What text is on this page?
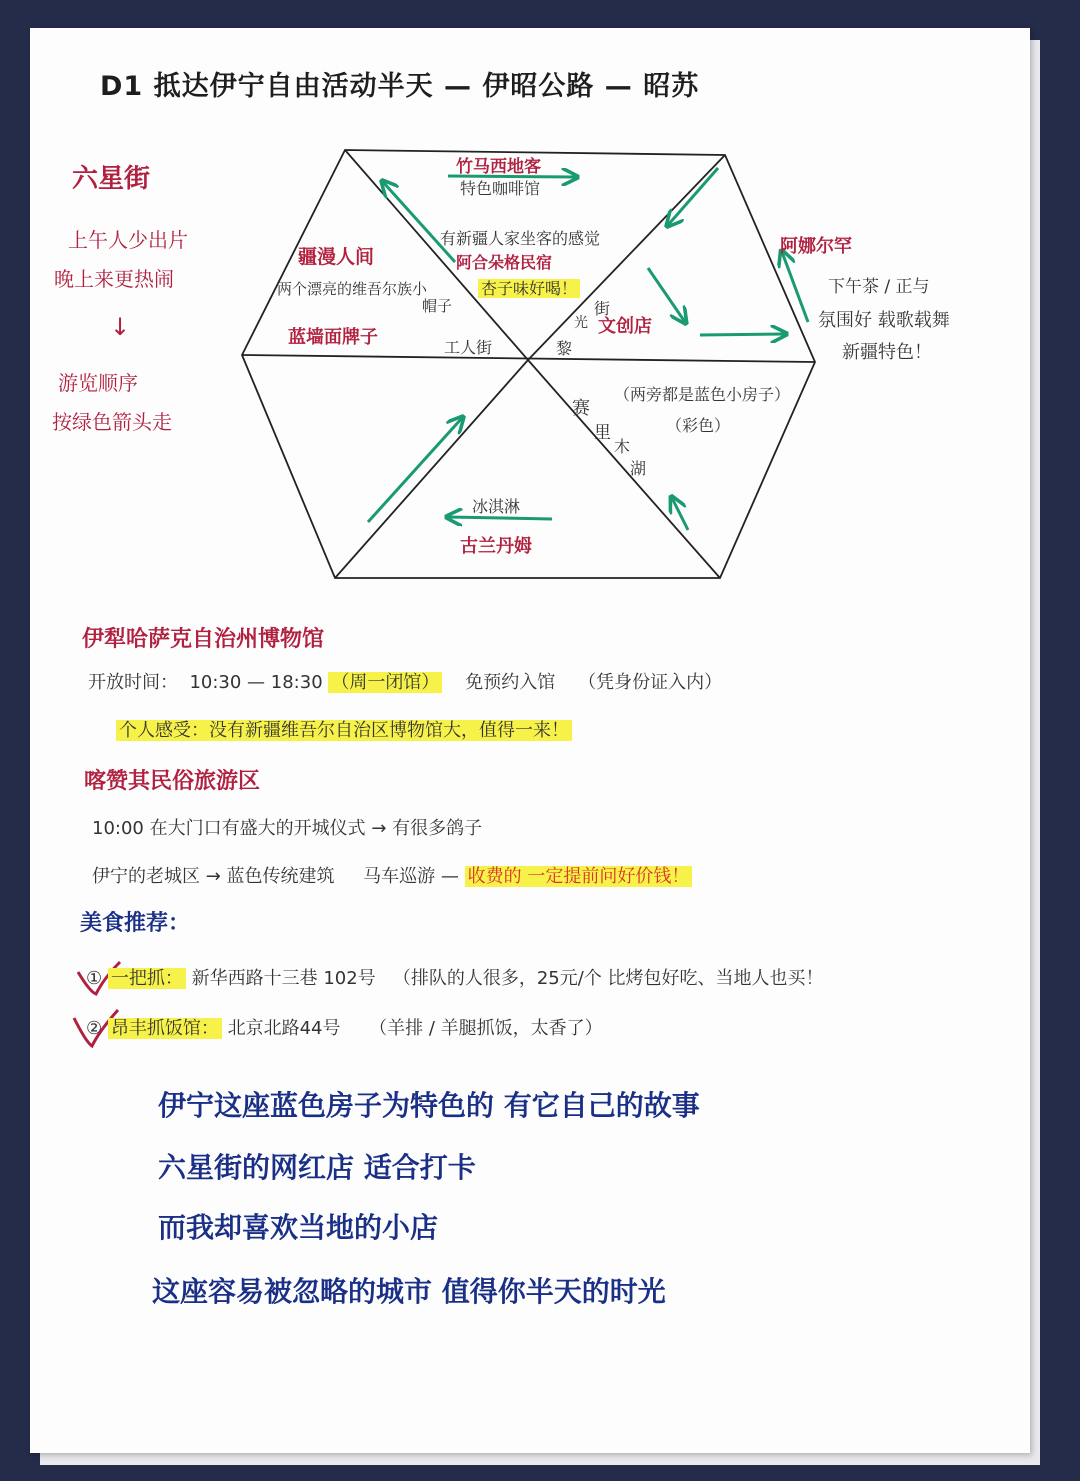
D1 抵达伊宁自由活动半天 — 伊昭公路 — 昭苏
六星街
上午人少出片
晚上来更热闹
↓
游览顺序
按绿色箭头走
竹马西地客
特色咖啡馆
有新疆人家坐客的感觉
阿合朵格民宿
杏子味好喝！
疆漫人间
两个漂亮的维吾尔族小
帽子
蓝墙面牌子	工人街
光
街
黎
文创店
阿娜尔罕
下午茶 / 正与
氛围好 载歌载舞
新疆特色！
赛
里
木
湖
（两旁都是蓝色小房子）
（彩色）
冰淇淋
古兰丹姆
伊犁哈萨克自治州博物馆
开放时间： 10:30 — 18:30 （周一闭馆） 免预约入馆 （凭身份证入内）
个人感受：没有新疆维吾尔自治区博物馆大，值得一来！
喀赞其民俗旅游区
10:00 在大门口有盛大的开城仪式 → 有很多鸽子
伊宁的老城区 → 蓝色传统建筑 马车巡游 — 收费的 一定提前问好价钱！
美食推荐：
① 一把抓： 新华西路十三巷 102号 （排队的人很多，25元/个 比烤包好吃、当地人也买！
② 昂丰抓饭馆： 北京北路44号 （羊排 / 羊腿抓饭，太香了）
伊宁这座蓝色房子为特色的 有它自己的故事
六星街的网红店 适合打卡
而我却喜欢当地的小店
这座容易被忽略的城市 值得你半天的时光
